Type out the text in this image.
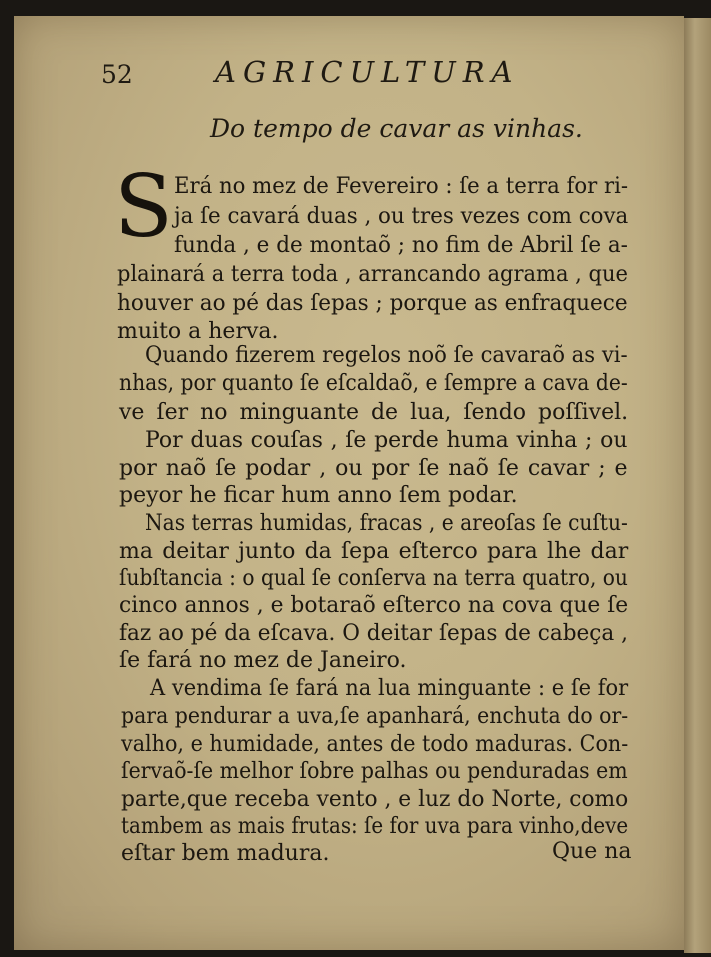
52	AGRICULTURA
Do tempo de cavar as vinhas.
S Erá no mez de Fevereiro : ſe a terra for ri-
ja ſe cavará duas , ou tres vezes com cova
funda , e de montaõ ; no fim de Abril ſe a-
plainará a terra toda , arrancando agrama , que
houver ao pé das ſepas ; porque as enfraquece
muito a herva.
Quando fizerem regelos noõ ſe cavaraõ as vi-
nhas, por quanto ſe eſcaldaõ, e ſempre a cava de-
ve ſer no minguante de lua, ſendo poſſivel.
Por duas couſas , ſe perde huma vinha ; ou
por naõ ſe podar , ou por ſe naõ ſe cavar ; e
peyor he ficar hum anno ſem podar.
Nas terras humidas, fracas , e areoſas ſe cuſtu-
ma deitar junto da ſepa eſterco para lhe dar
ſubſtancia : o qual ſe conſerva na terra quatro, ou
cinco annos , e botaraõ eſterco na cova que ſe
faz ao pé da eſcava. O deitar ſepas de cabeça ,
ſe fará no mez de Janeiro.
A vendima ſe fará na lua minguante : e ſe for
para pendurar a uva,ſe apanhará, enchuta do or-
valho, e humidade, antes de todo maduras. Con-
ſervaõ-ſe melhor ſobre palhas ou penduradas em
parte,que receba vento , e luz do Norte, como
tambem as mais frutas: ſe for uva para vinho,deve
eſtar bem madura.	Que na
